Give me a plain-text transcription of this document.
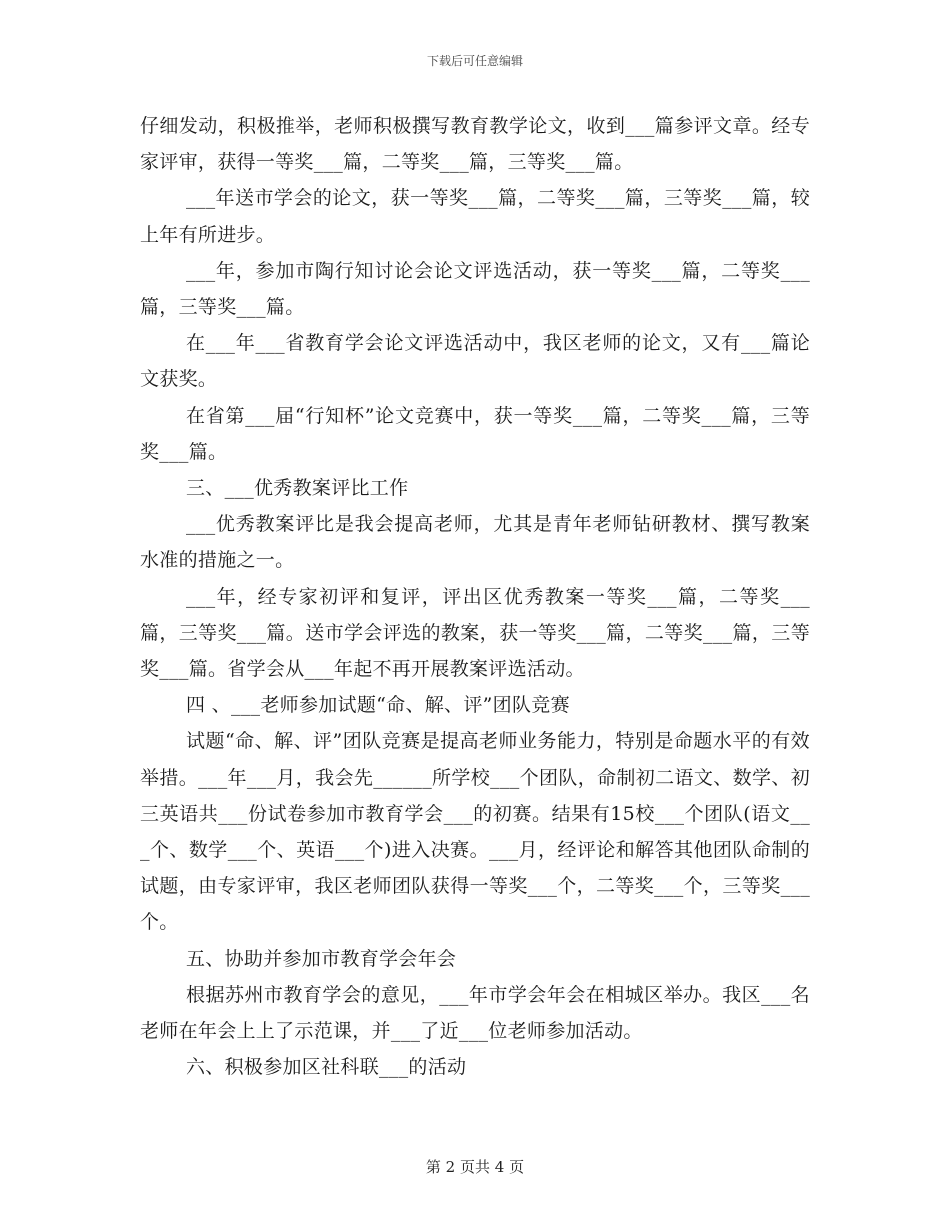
下载后可任意编辑

仔细发动，积极推举，老师积极撰写教育教学论文，收到___篇参评文章。经专家评审，获得一等奖___篇，二等奖___篇，三等奖___篇。

___年送市学会的论文，获一等奖___篇，二等奖___篇，三等奖___篇，较上年有所进步。

___年，参加市陶行知讨论会论文评选活动，获一等奖___篇，二等奖___篇，三等奖___篇。

在___年___省教育学会论文评选活动中，我区老师的论文，又有___篇论文获奖。

在省第___届“行知杯”论文竞赛中，获一等奖___篇，二等奖___篇，三等奖___篇。

三、___优秀教案评比工作

___优秀教案评比是我会提高老师，尤其是青年老师钻研教材、撰写教案水准的措施之一。

___年，经专家初评和复评，评出区优秀教案一等奖___篇，二等奖___篇，三等奖___篇。送市学会评选的教案，获一等奖___篇，二等奖___篇，三等奖___篇。省学会从___年起不再开展教案评选活动。

四 、___老师参加试题“命、解、评”团队竞赛

试题“命、解、评”团队竞赛是提高老师业务能力，特别是命题水平的有效举措。___年___月，我会先______所学校___个团队，命制初二语文、数学、初三英语共___份试卷参加市教育学会___的初赛。结果有15校___个团队(语文___个、数学___个、英语___个)进入决赛。___月，经评论和解答其他团队命制的试题，由专家评审，我区老师团队获得一等奖___个，二等奖___个，三等奖___个。

五、协助并参加市教育学会年会

根据苏州市教育学会的意见，___年市学会年会在相城区举办。我区___名老师在年会上上了示范课，并___了近___位老师参加活动。

六、积极参加区社科联___的活动

第 2 页共 4 页
